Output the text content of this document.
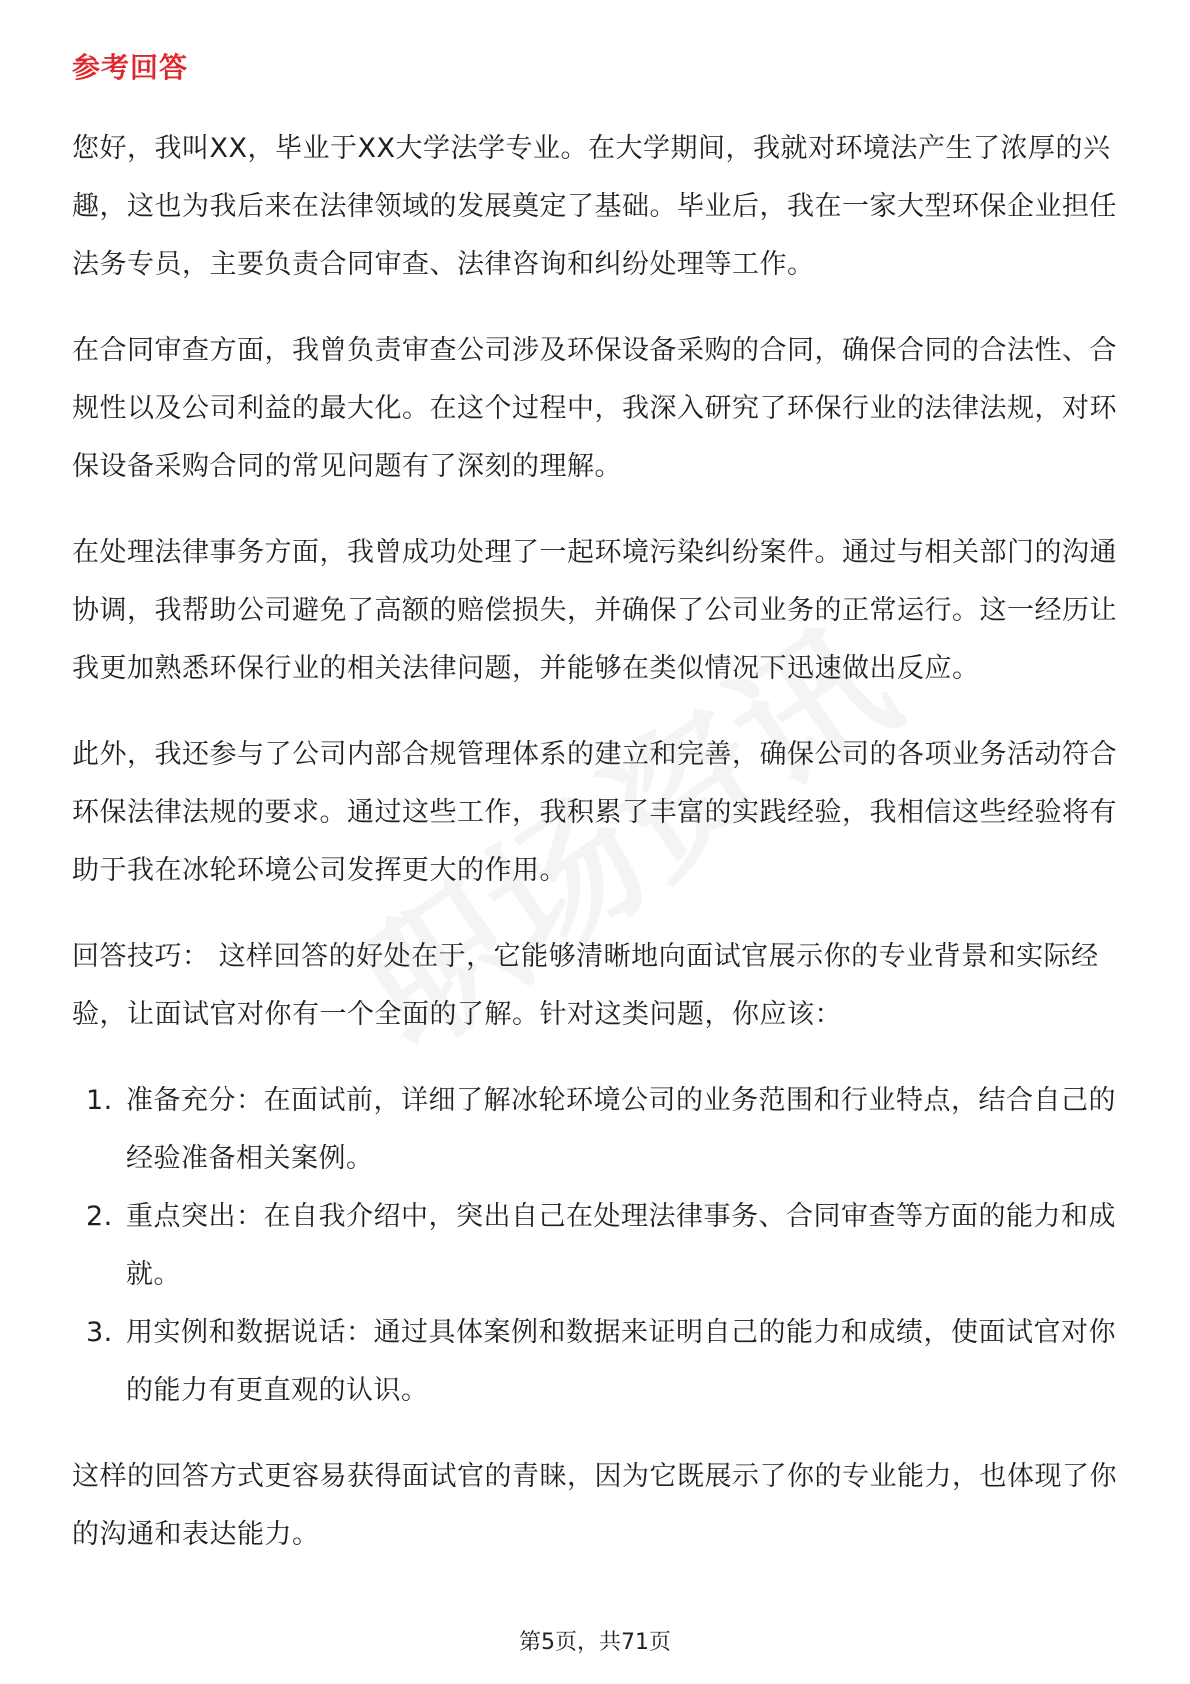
参考回答

您好，我叫XX，毕业于XX大学法学专业。在大学期间，我就对环境法产生了浓厚的兴趣，这也为我后来在法律领域的发展奠定了基础。毕业后，我在一家大型环保企业担任法务专员，主要负责合同审查、法律咨询和纠纷处理等工作。

在合同审查方面，我曾负责审查公司涉及环保设备采购的合同，确保合同的合法性、合规性以及公司利益的最大化。在这个过程中，我深入研究了环保行业的法律法规，对环保设备采购合同的常见问题有了深刻的理解。

在处理法律事务方面，我曾成功处理了一起环境污染纠纷案件。通过与相关部门的沟通协调，我帮助公司避免了高额的赔偿损失，并确保了公司业务的正常运行。这一经历让我更加熟悉环保行业的相关法律问题，并能够在类似情况下迅速做出反应。

此外，我还参与了公司内部合规管理体系的建立和完善，确保公司的各项业务活动符合环保法律法规的要求。通过这些工作，我积累了丰富的实践经验，我相信这些经验将有助于我在冰轮环境公司发挥更大的作用。

回答技巧： 这样回答的好处在于，它能够清晰地向面试官展示你的专业背景和实际经验，让面试官对你有一个全面的了解。针对这类问题，你应该：

1. 准备充分：在面试前，详细了解冰轮环境公司的业务范围和行业特点，结合自己的经验准备相关案例。
2. 重点突出：在自我介绍中，突出自己在处理法律事务、合同审查等方面的能力和成就。
3. 用实例和数据说话：通过具体案例和数据来证明自己的能力和成绩，使面试官对你的能力有更直观的认识。

这样的回答方式更容易获得面试官的青睐，因为它既展示了你的专业能力，也体现了你的沟通和表达能力。

第5页，共71页
